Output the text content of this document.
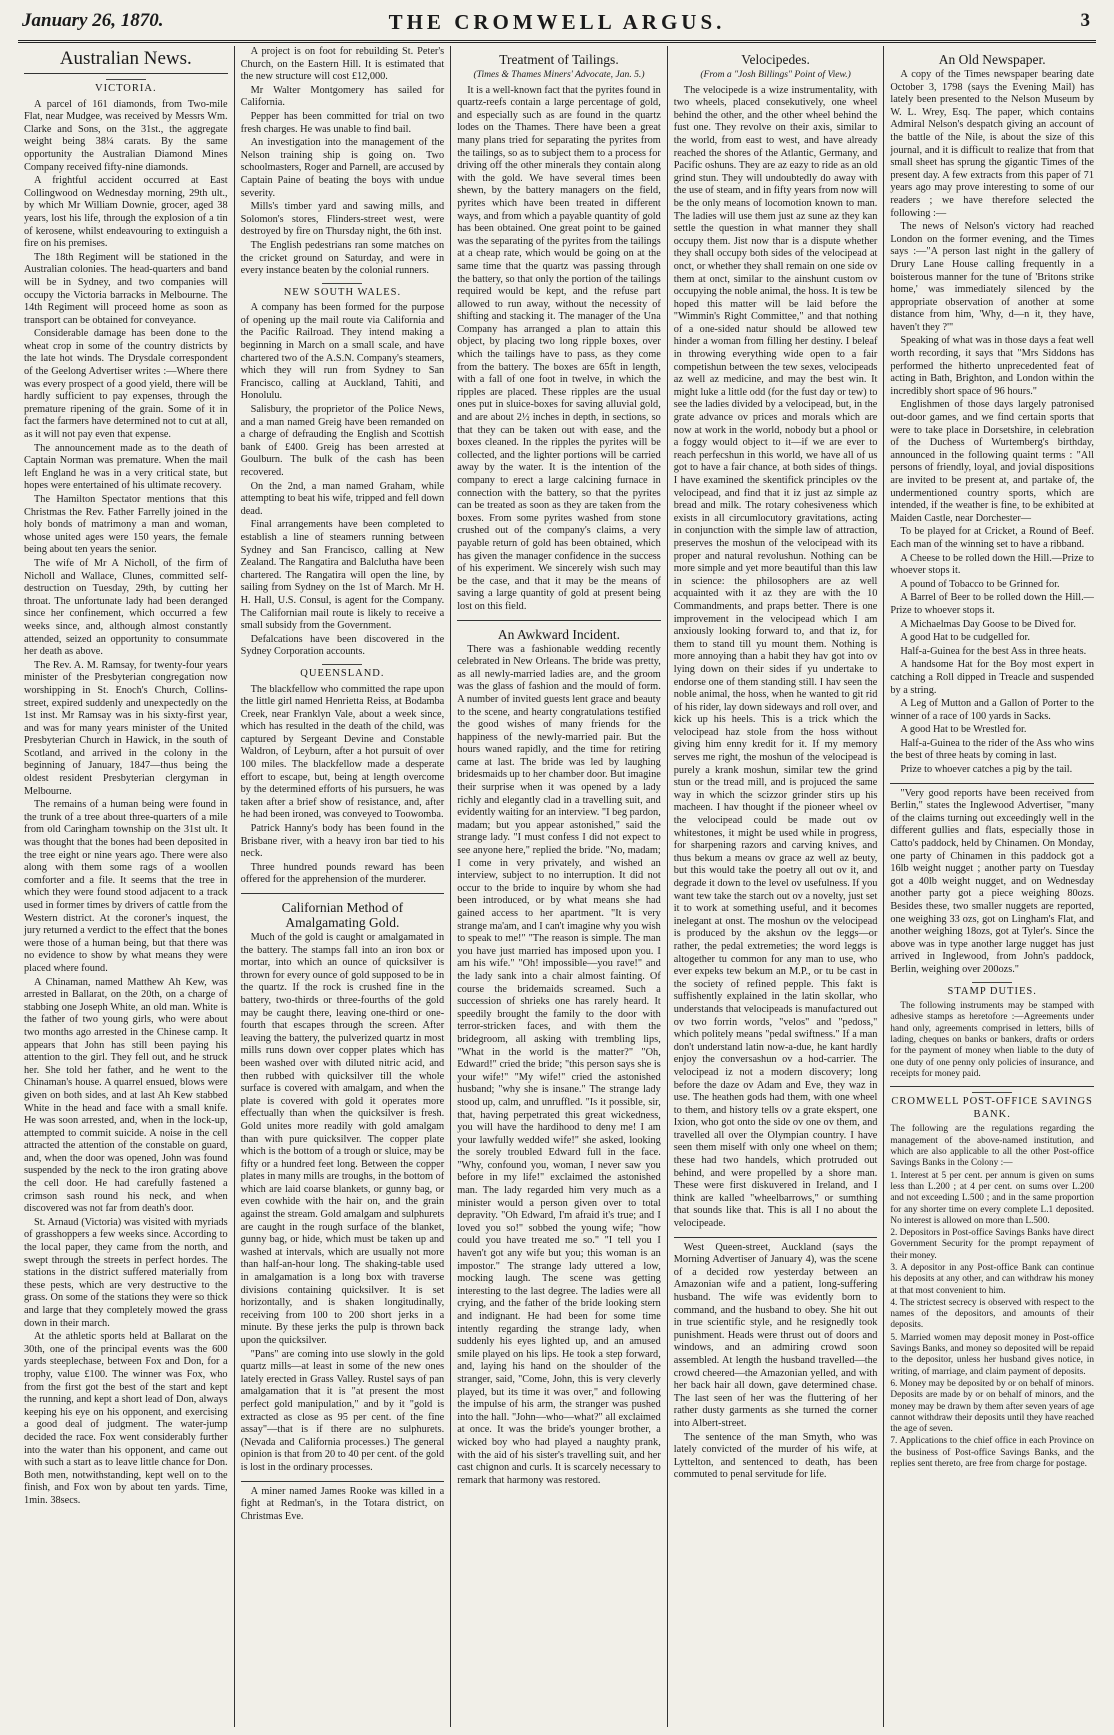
January 26, 1870.	THE CROMWELL ARGUS.	3
Australian News.
VICTORIA.

A parcel of 161 diamonds, from Two-mile Flat, near Mudgee, was received by Messrs Wm. Clarke and Sons, on the 31st., the aggregate weight being 38¼ carats. By the same opportunity the Australian Diamond Mines Company received fifty-nine diamonds.

A frightful accident occurred at East Collingwood on Wednesday morning, 29th ult., by which Mr William Downie, grocer, aged 38 years, lost his life, through the explosion of a tin of kerosene, whilst endeavouring to extinguish a fire on his premises.

The 18th Regiment will be stationed in the Australian colonies. The head-quarters and band will be in Sydney, and two companies will occupy the Victoria barracks in Melbourne. The 14th Regiment will proceed home as soon as transport can be obtained for conveyance.

Considerable damage has been done to the wheat crop in some of the country districts by the late hot winds. The Drysdale correspondent of the Geelong Advertiser writes :—Where there was every prospect of a good yield, there will be hardly sufficient to pay expenses, through the premature ripening of the grain. Some of it in fact the farmers have determined not to cut at all, as it will not pay even that expense.

The announcement made as to the death of Captain Norman was premature. When the mail left England he was in a very critical state, but hopes were entertained of his ultimate recovery.

The Hamilton Spectator mentions that this Christmas the Rev. Father Farrelly joined in the holy bonds of matrimony a man and woman, whose united ages were 150 years, the female being about ten years the senior.

The wife of Mr A Nicholl, of the firm of Nicholl and Wallace, Clunes, committed self-destruction on Tuesday, 29th, by cutting her throat. The unfortunate lady had been deranged since her confinement, which occurred a few weeks since, and, although almost constantly attended, seized an opportunity to consummate her death as above.

The Rev. A. M. Ramsay, for twenty-four years minister of the Presbyterian congregation now worshipping in St. Enoch's Church, Collins-street, expired suddenly and unexpectedly on the 1st inst. Mr Ramsay was in his sixty-first year, and was for many years minister of the United Presbyterian Church in Hawick, in the south of Scotland, and arrived in the colony in the beginning of January, 1847—thus being the oldest resident Presbyterian clergyman in Melbourne.

The remains of a human being were found in the trunk of a tree about three-quarters of a mile from old Caringham township on the 31st ult. It was thought that the bones had been deposited in the tree eight or nine years ago. There were also along with them some rags of a woollen comforter and a file. It seems that the tree in which they were found stood adjacent to a track used in former times by drivers of cattle from the Western district. At the coroner's inquest, the jury returned a verdict to the effect that the bones were those of a human being, but that there was no evidence to show by what means they were placed where found.

A Chinaman, named Matthew Ah Kew, was arrested in Ballarat, on the 20th, on a charge of stabbing one Joseph White, an old man. White is the father of two young girls, who were about two months ago arrested in the Chinese camp. It appears that John has still been paying his attention to the girl. They fell out, and he struck her. She told her father, and he went to the Chinaman's house. A quarrel ensued, blows were given on both sides, and at last Ah Kew stabbed White in the head and face with a small knife. He was soon arrested, and, when in the lock-up, attempted to commit suicide. A noise in the cell attracted the attention of the constable on guard, and, when the door was opened, John was found suspended by the neck to the iron grating above the cell door. He had carefully fastened a crimson sash round his neck, and when discovered was not far from death's door.

St. Arnaud (Victoria) was visited with myriads of grasshoppers a few weeks since. According to the local paper, they came from the north, and swept through the streets in perfect hordes. The stations in the district suffered materially from these pests, which are very destructive to the grass. On some of the stations they were so thick and large that they completely mowed the grass down in their march.

At the athletic sports held at Ballarat on the 30th, one of the principal events was the 600 yards steeplechase, between Fox and Don, for a trophy, value £100. The winner was Fox, who from the first got the best of the start and kept the running, and kept a short lead of Don, always keeping his eye on his opponent, and exercising a good deal of judgment. The water-jump decided the race. Fox went considerably further into the water than his opponent, and came out with such a start as to leave little chance for Don. Both men, notwithstanding, kept well on to the finish, and Fox won by about ten yards. Time, 1min. 38secs.

A project is on foot for rebuilding St. Peter's Church, on the Eastern Hill. It is estimated that the new structure will cost £12,000.

Mr Walter Montgomery has sailed for California.

Pepper has been committed for trial on two fresh charges. He was unable to find bail.

An investigation into the management of the Nelson training ship is going on. Two schoolmasters, Roger and Parnell, are accused by Captain Paine of beating the boys with undue severity.

Mills's timber yard and sawing mills, and Solomon's stores, Flinders-street west, were destroyed by fire on Thursday night, the 6th inst.

The English pedestrians ran some matches on the cricket ground on Saturday, and were in every instance beaten by the colonial runners.

NEW SOUTH WALES.

A company has been formed for the purpose of opening up the mail route via California and the Pacific Railroad. They intend making a beginning in March on a small scale, and have chartered two of the A.S.N. Company's steamers, which they will run from Sydney to San Francisco, calling at Auckland, Tahiti, and Honolulu.

Salisbury, the proprietor of the Police News, and a man named Greig have been remanded on a charge of defrauding the English and Scottish bank of £400. Greig has been arrested at Goulburn. The bulk of the cash has been recovered.

On the 2nd, a man named Graham, while attempting to beat his wife, tripped and fell down dead.

Final arrangements have been completed to establish a line of steamers running between Sydney and San Francisco, calling at New Zealand. The Rangatira and Balclutha have been chartered. The Rangatira will open the line, by sailing from Sydney on the 1st of March. Mr H. H. Hall, U.S. Consul, is agent for the Company. The Californian mail route is likely to receive a small subsidy from the Government.

Defalcations have been discovered in the Sydney Corporation accounts.

QUEENSLAND.

The blackfellow who committed the rape upon the little girl named Henrietta Reiss, at Bodamba Creek, near Franklyn Vale, about a week since, which has resulted in the death of the child, was captured by Sergeant Devine and Constable Waldron, of Leyburn, after a hot pursuit of over 100 miles. The blackfellow made a desperate effort to escape, but, being at length overcome by the determined efforts of his pursuers, he was taken after a brief show of resistance, and, after he had been ironed, was conveyed to Toowomba.

Patrick Hanny's body has been found in the Brisbane river, with a heavy iron bar tied to his neck.

Three hundred pounds reward has been offered for the apprehension of the murderer.

Californian Method of Amalgamating Gold.

Much of the gold is caught or amalgamated in the battery. The stamps fall into an iron box or mortar, into which an ounce of quicksilver is thrown for every ounce of gold supposed to be in the quartz. If the rock is crushed fine in the battery, two-thirds or three-fourths of the gold may be caught there, leaving one-third or one-fourth that escapes through the screen. After leaving the battery, the pulverized quartz in most mills runs down over copper plates which has been washed over with diluted nitric acid, and then rubbed with quicksilver till the whole surface is covered with amalgam, and when the plate is covered with gold it operates more effectually than when the quicksilver is fresh. Gold unites more readily with gold amalgam than with pure quicksilver. The copper plate which is the bottom of a trough or sluice, may be fifty or a hundred feet long. Between the copper plates in many mills are troughs, in the bottom of which are laid coarse blankets, or gunny bag, or even cowhide with the hair on, and the grain against the stream. Gold amalgam and sulphurets are caught in the rough surface of the blanket, gunny bag, or hide, which must be taken up and washed at intervals, which are usually not more than half-an-hour long. The shaking-table used in amalgamation is a long box with traverse divisions containing quicksilver. It is set horizontally, and is shaken longitudinally, receiving from 100 to 200 short jerks in a minute. By these jerks the pulp is thrown back upon the quicksilver.

"Pans" are coming into use slowly in the gold quartz mills—at least in some of the new ones lately erected in Grass Valley. Rustel says of pan amalgamation that it is "at present the most perfect gold manipulation," and by it "gold is extracted as close as 95 per cent. of the fine assay"—that is if there are no sulphurets. (Nevada and California processes.) The general opinion is that from 20 to 40 per cent. of the gold is lost in the ordinary processes.

A miner named James Rooke was killed in a fight at Redman's, in the Totara district, on Christmas Eve.

Treatment of Tailings.
(Times & Thames Miners' Advocate, Jan. 5.)

It is a well-known fact that the pyrites found in quartz-reefs contain a large percentage of gold, and especially such as are found in the quartz lodes on the Thames. There have been a great many plans tried for separating the pyrites from the tailings, so as to subject them to a process for driving off the other minerals they contain along with the gold. We have several times been shewn, by the battery managers on the field, pyrites which have been treated in different ways, and from which a payable quantity of gold has been obtained. One great point to be gained was the separating of the pyrites from the tailings at a cheap rate, which would be going on at the same time that the quartz was passing through the battery, so that only the portion of the tailings required would be kept, and the refuse part allowed to run away, without the necessity of shifting and stacking it. The manager of the Una Company has arranged a plan to attain this object, by placing two long ripple boxes, over which the tailings have to pass, as they come from the battery. The boxes are 65ft in length, with a fall of one foot in twelve, in which the ripples are placed. These ripples are the usual ones put in sluice-boxes for saving alluvial gold, and are about 2½ inches in depth, in sections, so that they can be taken out with ease, and the boxes cleaned. In the ripples the pyrites will be collected, and the lighter portions will be carried away by the water. It is the intention of the company to erect a large calcining furnace in connection with the battery, so that the pyrites can be treated as soon as they are taken from the boxes. From some pyrites washed from stone crushed out of the company's claims, a very payable return of gold has been obtained, which has given the manager confidence in the success of his experiment. We sincerely wish such may be the case, and that it may be the means of saving a large quantity of gold at present being lost on this field.

An Awkward Incident.

There was a fashionable wedding recently celebrated in New Orleans. The bride was pretty, as all newly-married ladies are, and the groom was the glass of fashion and the mould of form. A number of invited guests lent grace and beauty to the scene, and hearty congratulations testified the good wishes of many friends for the happiness of the newly-married pair. But the hours waned rapidly, and the time for retiring came at last. The bride was led by laughing bridesmaids up to her chamber door. But imagine their surprise when it was opened by a lady richly and elegantly clad in a travelling suit, and evidently waiting for an interview. "I beg pardon, madam; but you appear astonished," said the strange lady. "I must confess I did not expect to see anyone here," replied the bride. "No, madam; I come in very privately, and wished an interview, subject to no interruption. It did not occur to the bride to inquire by whom she had been introduced, or by what means she had gained access to her apartment. "It is very strange ma'am, and I can't imagine why you wish to speak to me!" "The reason is simple. The man you have just married has imposed upon you. I am his wife." "Oh! impossible—you rave!" and the lady sank into a chair almost fainting. Of course the bridemaids screamed. Such a succession of shrieks one has rarely heard. It speedily brought the family to the door with terror-stricken faces, and with them the bridegroom, all asking with trembling lips, "What in the world is the matter?" "Oh, Edward!" cried the bride; "this person says she is your wife!" "My wife!" cried the astonished husband; "why she is insane." The strange lady stood up, calm, and unruffled. "Is it possible, sir, that, having perpetrated this great wickedness, you will have the hardihood to deny me! I am your lawfully wedded wife!" she asked, looking the sorely troubled Edward full in the face. "Why, confound you, woman, I never saw you before in my life!" exclaimed the astonished man. The lady regarded him very much as a minister would a person given over to total depravity. "Oh Edward, I'm afraid it's true; and I loved you so!" sobbed the young wife; "how could you have treated me so." "I tell you I haven't got any wife but you; this woman is an impostor." The strange lady uttered a low, mocking laugh. The scene was getting interesting to the last degree. The ladies were all crying, and the father of the bride looking stern and indignant. He had been for some time intently regarding the strange lady, when suddenly his eyes lighted up, and an amused smile played on his lips. He took a step forward, and, laying his hand on the shoulder of the stranger, said, "Come, John, this is very cleverly played, but its time it was over," and following the impulse of his arm, the stranger was pushed into the hall. "John—who—what?" all exclaimed at once. It was the bride's younger brother, a wicked boy who had played a naughty prank, with the aid of his sister's travelling suit, and her cast chignon and curls. It is scarcely necessary to remark that harmony was restored.

Velocipedes.
(From a "Josh Billings" Point of View.)

The velocipede is a wize instrumentality, with two wheels, placed consekutively, one wheel behind the other, and the other wheel behind the fust one. They revolve on their axis, similar to the world, from east to west, and have already reached the shores of the Atlantic, Germany, and Pacific oshuns. They are az eazy to ride as an old grind stun. They will undoubtedly do away with the use of steam, and in fifty years from now will be the only means of locomotion known to man. The ladies will use them just az sune az they kan settle the question in what manner they shall occupy them. Jist now thar is a dispute whether they shall occupy both sides of the velocipead at onct, or whether they shall remain on one side ov them at onct, similar to the ainshunt custom ov occupying the noble animal, the hoss. It is tew be hoped this matter will be laid before the "Wimmin's Right Committee," and that nothing of a one-sided natur should be allowed tew hinder a woman from filling her destiny. I beleaf in throwing everything wide open to a fair competishun between the tew sexes, velocipeads az well az medicine, and may the best win. It might luke a little odd (for the fust day or tew) to see the ladies divided by a velocipead, but, in the grate advance ov prices and morals which are now at work in the world, nobody but a phool or a foggy would object to it—if we are ever to reach perfecshun in this world, we have all of us got to have a fair chance, at both sides of things. I have examined the skentifick principles ov the velocipead, and find that it iz just az simple az bread and milk. The rotary cohesiveness which exists in all circumlocutory gravitations, acting in conjunction with the simple law of attraction, preserves the moshun of the velocipead with its proper and natural revolushun. Nothing can be more simple and yet more beautiful than this law in science: the philosophers are az well acquainted with it az they are with the 10 Commandments, and praps better. There is one improvement in the velocipead which I am anxiously looking forward to, and that iz, for them to stand till yu mount them. Nothing is more annoying than a habit they hav got into ov lying down on their sides if yu undertake to endorse one of them standing still. I hav seen the noble animal, the hoss, when he wanted to git rid of his rider, lay down sideways and roll over, and kick up his heels. This is a trick which the velocipead haz stole from the hoss without giving him enny kredit for it. If my memory serves me right, the moshun of the velocipead is purely a krank moshun, similar tew the grind stun or the tread mill, and is projuced the same way in which the scizzor grinder stirs up his macheen. I hav thought if the pioneer wheel ov the velocipead could be made out ov whitestones, it might be used while in progress, for sharpening razors and carving knives, and thus bekum a means ov grace az well az beuty, but this would take the poetry all out ov it, and degrade it down to the level ov usefulness. If you want tew take the starch out ov a novelty, just set it to work at something useful, and it becomes inelegant at onst. The moshun ov the velocipead is produced by the akshun ov the leggs—or rather, the pedal extremeties; the word leggs is altogether tu common for any man to use, who ever expeks tew bekum an M.P., or tu be cast in the society of refined pepple. This fakt is suffishently explained in the latin skollar, who understands that velocipeads is manufactured out ov two forrin words, "velos" and "pedoss," which politely means "pedal swiftness." If a man don't understand latin now-a-due, he kant hardly enjoy the conversashun ov a hod-carrier. The velocipead iz not a modern discovery; long before the daze ov Adam and Eve, they waz in use. The heathen gods had them, with one wheel to them, and history tells ov a grate ekspert, one Ixion, who got onto the side ov one ov them, and travelled all over the Olympian country. I have seen them miself with only one wheel on them; these had two handels, which protruded out behind, and were propelled by a shore man. These were first diskuvered in Ireland, and I think are kalled "wheelbarrows," or sumthing that sounds like that. This is all I no about the velocipeade.

West Queen-street, Auckland (says the Morning Advertiser of January 4), was the scene of a decided row yesterday between an Amazonian wife and a patient, long-suffering husband. The wife was evidently born to command, and the husband to obey. She hit out in true scientific style, and he resignedly took punishment. Heads were thrust out of doors and windows, and an admiring crowd soon assembled. At length the husband travelled—the crowd cheered—the Amazonian yelled, and with her back hair all down, gave determined chase. The last seen of her was the fluttering of her rather dusty garments as she turned the corner into Albert-street.

The sentence of the man Smyth, who was lately convicted of the murder of his wife, at Lyttelton, and sentenced to death, has been commuted to penal servitude for life.

An Old Newspaper.

A copy of the Times newspaper bearing date October 3, 1798 (says the Evening Mail) has lately been presented to the Nelson Museum by W. L. Wrey, Esq. The paper, which contains Admiral Nelson's despatch giving an account of the battle of the Nile, is about the size of this journal, and it is difficult to realize that from that small sheet has sprung the gigantic Times of the present day. A few extracts from this paper of 71 years ago may prove interesting to some of our readers ; we have therefore selected the following :—

The news of Nelson's victory had reached London on the former evening, and the Times says :—"A person last night in the gallery of Drury Lane House calling frequently in a boisterous manner for the tune of 'Britons strike home,' was immediately silenced by the appropriate observation of another at some distance from him, 'Why, d—n it, they have, haven't they ?'"

Speaking of what was in those days a feat well worth recording, it says that "Mrs Siddons has performed the hitherto unprecedented feat of acting in Bath, Brighton, and London within the incredibly short space of 96 hours."

Englishmen of those days largely patronised out-door games, and we find certain sports that were to take place in Dorsetshire, in celebration of the Duchess of Wurtemberg's birthday, announced in the following quaint terms : "All persons of friendly, loyal, and jovial dispositions are invited to be present at, and partake of, the undermentioned country sports, which are intended, if the weather is fine, to be exhibited at Maiden Castle, near Dorchester—

To be played for at Cricket, a Round of Beef. Each man of the winning set to have a ribband.

A Cheese to be rolled down the Hill.—Prize to whoever stops it.

A pound of Tobacco to be Grinned for.

A Barrel of Beer to be rolled down the Hill.—Prize to whoever stops it.

A Michaelmas Day Goose to be Dived for.

A good Hat to be cudgelled for.

Half-a-Guinea for the best Ass in three heats.

A handsome Hat for the Boy most expert in catching a Roll dipped in Treacle and suspended by a string.

A Leg of Mutton and a Gallon of Porter to the winner of a race of 100 yards in Sacks.

A good Hat to be Wrestled for.

Half-a-Guinea to the rider of the Ass who wins the best of three heats by coming in last.

Prize to whoever catches a pig by the tail.

"Very good reports have been received from Berlin," states the Inglewood Advertiser, "many of the claims turning out exceedingly well in the different gullies and flats, especially those in Catto's paddock, held by Chinamen. On Monday, one party of Chinamen in this paddock got a 16lb weight nugget ; another party on Tuesday got a 40lb weight nugget, and on Wednesday another party got a piece weighing 80ozs. Besides these, two smaller nuggets are reported, one weighing 33 ozs, got on Lingham's Flat, and another weighing 18ozs, got at Tyler's. Since the above was in type another large nugget has just arrived in Inglewood, from John's paddock, Berlin, weighing over 200ozs."

STAMP DUTIES.

The following instruments may be stamped with adhesive stamps as heretofore :—Agreements under hand only, agreements comprised in letters, bills of lading, cheques on banks or bankers, drafts or orders for the payment of money when liable to the duty of one duty of one penny only policies of insurance, and receipts for money paid.

CROMWELL POST-OFFICE SAVINGS BANK.

The following are the regulations regarding the management of the above-named institution, and which are also applicable to all the other Post-office Savings Banks in the Colony :—

1. Interest at 5 per cent. per annum is given on sums less than L.200 ; at 4 per cent. on sums over L.200 and not exceeding L.500 ; and in the same proportion for any shorter time on every complete L.1 deposited. No interest is allowed on more than L.500.

2. Depositors in Post-office Savings Banks have direct Government Security for the prompt repayment of their money.

3. A depositor in any Post-office Bank can continue his deposits at any other, and can withdraw his money at that most convenient to him.

4. The strictest secrecy is observed with respect to the names of the depositors, and amounts of their deposits.

5. Married women may deposit money in Post-office Savings Banks, and money so deposited will be repaid to the depositor, unless her husband gives notice, in writing, of marriage, and claim payment of deposits.

6. Money may be deposited by or on behalf of minors. Deposits are made by or on behalf of minors, and the money may be drawn by them after seven years of age cannot withdraw their deposits until they have reached the age of seven.

7. Applications to the chief office in each Province on the business of Post-office Savings Banks, and the replies sent thereto, are free from charge for postage.
